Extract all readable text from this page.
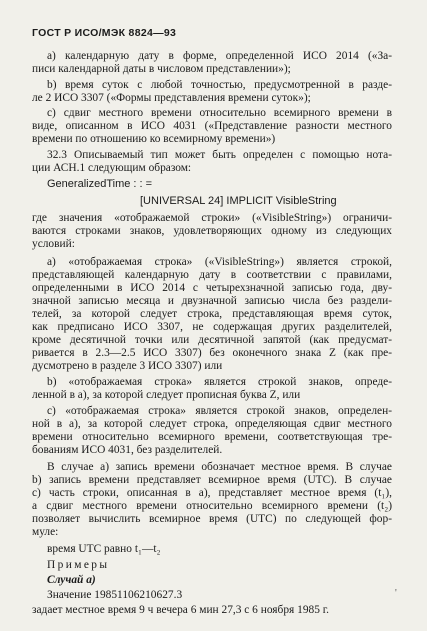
ГОСТ Р ИСО/МЭК 8824—93
a) календарную дату в форме, определенной ИСО 2014 («За-
писи календарной даты в числовом представлении»);
b) время суток с любой точностью, предусмотренной в разде-
ле 2 ИСО 3307 («Формы представления времени суток»);
c) сдвиг местного времени относительно всемирного времени в
виде, описанном в ИСО 4031 («Представление разности местного
времени по отношению ко всемирному времени»)
32.3 Описываемый тип может быть определен с помощью нота-
ции АСН.1 следующим образом:
GeneralizedTime : : =
[UNIVERSAL 24] IMPLICIT VisibleString
где значения «отображаемой строки» («VisibleString») ограничи-
ваются строками знаков, удовлетворяющих одному из следующих
условий:
a) «отображаемая строка» («VisibleString») является строкой,
представляющей календарную дату в соответствии с правилами,
определенными в ИСО 2014 с четырехзначной записью года, дву-
значной записью месяца и двузначной записью числа без раздели-
телей, за которой следует строка, представляющая время суток,
как предписано ИСО 3307, не содержащая других разделителей,
кроме десятичной точки или десятичной запятой (как предусмат-
ривается в 2.3—2.5 ИСО 3307) без оконечного знака Z (как пре-
дусмотрено в разделе 3 ИСО 3307) или
b) «отображаемая строка» является строкой знаков, опреде-
ленной в a), за которой следует прописная буква Z, или
c) «отображаемая строка» является строкой знаков, определен-
ной в a), за которой следует строка, определяющая сдвиг местного
времени относительно всемирного времени, соответствующая тре-
бованиям ИСО 4031, без разделителей.
В случае a) запись времени обозначает местное время. В случае
b) запись времени представляет всемирное время (UTC). В случае
c) часть строки, описанная в a), представляет местное время (t₁),
а сдвиг местного времени относительно всемирного времени (t₂)
позволяет вычислить всемирное время (UTC) по следующей фор-
муле:
время UTC равно t₁—t₂
Примеры
Случай a)
Значение 19851106210627.3
задает местное время 9 ч вечера 6 мин 27,3 с 6 ноября 1985 г.
'
